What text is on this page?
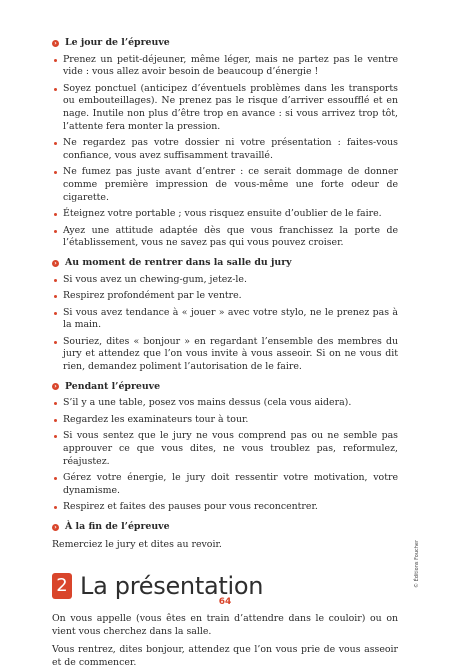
› Le jour de l’épreuve
Prenez un petit-déjeuner, même léger, mais ne partez pas le ventre vide : vous allez avoir besoin de beaucoup d’énergie !
Soyez ponctuel (anticipez d’éventuels problèmes dans les transports ou embouteillages). Ne prenez pas le risque d’arriver essoufflé et en nage. Inutile non plus d’être trop en avance : si vous arrivez trop tôt, l’attente fera monter la pression.
Ne regardez pas votre dossier ni votre présentation : faites-vous confiance, vous avez suffisamment travaillé.
Ne fumez pas juste avant d’entrer : ce serait dommage de donner comme première impression de vous-même une forte odeur de cigarette.
Éteignez votre portable ; vous risquez ensuite d’oublier de le faire.
Ayez une attitude adaptée dès que vous franchissez la porte de l’établissement, vous ne savez pas qui vous pouvez croiser.
› Au moment de rentrer dans la salle du jury
Si vous avez un chewing-gum, jetez-le.
Respirez profondément par le ventre.
Si vous avez tendance à « jouer » avec votre stylo, ne le prenez pas à la main.
Souriez, dites « bonjour » en regardant l’ensemble des membres du jury et attendez que l’on vous invite à vous asseoir. Si on ne vous dit rien, demandez poliment l’autorisation de le faire.
› Pendant l’épreuve
S’il y a une table, posez vos mains dessus (cela vous aidera).
Regardez les examinateurs tour à tour.
Si vous sentez que le jury ne vous comprend pas ou ne semble pas approuver ce que vous dites, ne vous troublez pas, reformulez, réajustez.
Gérez votre énergie, le jury doit ressentir votre motivation, votre dynamisme.
Respirez et faites des pauses pour vous reconcentrer.
› À la fin de l’épreuve
Remerciez le jury et dites au revoir.
2 La présentation
On vous appelle (vous êtes en train d’attendre dans le couloir) ou on vient vous cherchez dans la salle.
Vous rentrez, dites bonjour, attendez que l’on vous prie de vous asseoir et de commencer.
64
© Éditions Foucher
